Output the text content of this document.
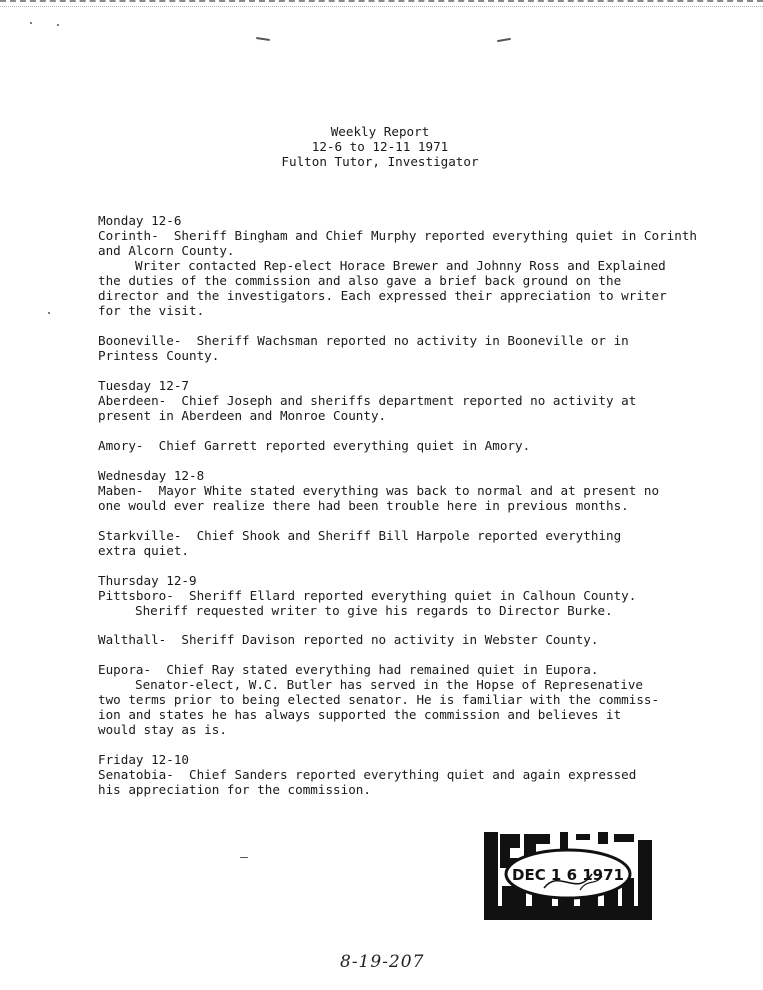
Weekly Report
12-6 to 12-11 1971
Fulton Tutor, Investigator
Monday 12-6
Corinth-  Sheriff Bingham and Chief Murphy reported everything quiet in Corinth
and Alcorn County.
Writer contacted Rep-elect Horace Brewer and Johnny Ross and Explained
the duties of the commission and also gave a brief back ground on the
director and the investigators. Each expressed their appreciation to writer
for the visit.
Booneville-  Sheriff Wachsman reported no activity in Booneville or in
Printess County.
Tuesday 12-7
Aberdeen-  Chief Joseph and sheriffs department reported no activity at
present in Aberdeen and Monroe County.
Amory-  Chief Garrett reported everything quiet in Amory.
Wednesday 12-8
Maben-  Mayor White stated everything was back to normal and at present no
one would ever realize there had been trouble here in previous months.
Starkville-  Chief Shook and Sheriff Bill Harpole reported everything
extra quiet.
Thursday 12-9
Pittsboro-  Sheriff Ellard reported everything quiet in Calhoun County.
Sheriff requested writer to give his regards to Director Burke.
Walthall-  Sheriff Davison reported no activity in Webster County.
Eupora-  Chief Ray stated everything had remained quiet in Eupora.
Senator-elect, W.C. Butler has served in the Hopse of Represenative
two terms prior to being elected senator. He is familiar with the commiss-
ion and states he has always supported the commission and believes it
would stay as is.
Friday 12-10
Senatobia-  Chief Sanders reported everything quiet and again expressed
his appreciation for the commission.
DEC 1 6 1971
8-19-207
